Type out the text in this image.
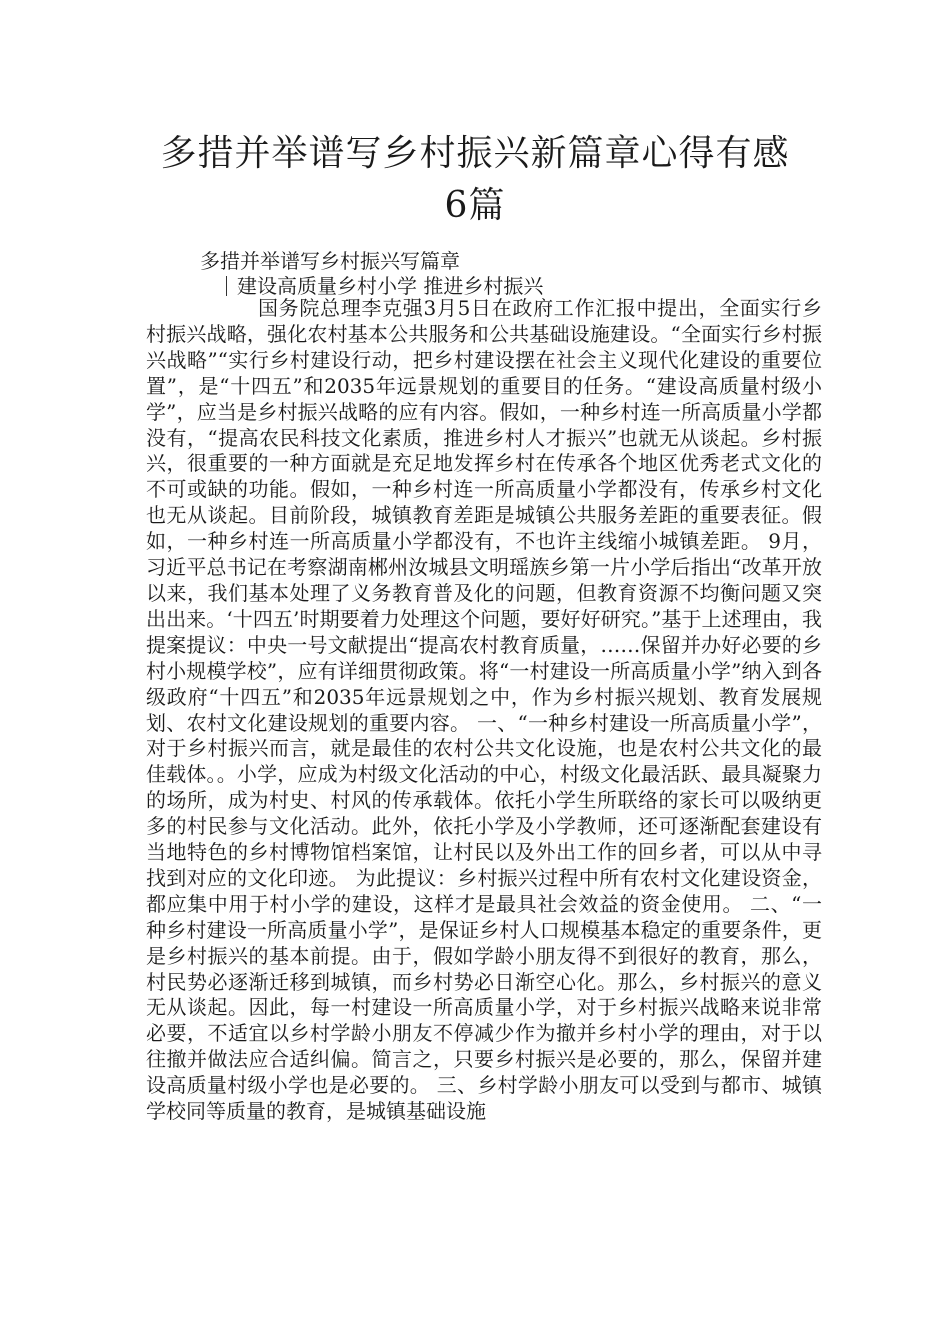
多措并举谱写乡村振兴新篇章心得有感6篇

多措并举谱写乡村振兴写篇章

建设高质量乡村小学 推进乡村振兴

国务院总理李克强3月5日在政府工作汇报中提出，全面实行乡村振兴战略，强化农村基本公共服务和公共基础设施建设。“全面实行乡村振兴战略”“实行乡村建设行动，把乡村建设摆在社会主义现代化建设的重要位置”，是“十四五”和2035年远景规划的重要目的任务。“建设高质量村级小学”，应当是乡村振兴战略的应有内容。假如，一种乡村连一所高质量小学都没有，“提高农民科技文化素质，推进乡村人才振兴”也就无从谈起。乡村振兴，很重要的一种方面就是充足地发挥乡村在传承各个地区优秀老式文化的不可或缺的功能。假如，一种乡村连一所高质量小学都没有，传承乡村文化也无从谈起。目前阶段，城镇教育差距是城镇公共服务差距的重要表征。假如，一种乡村连一所高质量小学都没有，不也许主线缩小城镇差距。 9月，习近平总书记在考察湖南郴州汝城县文明瑶族乡第一片小学后指出“改革开放以来，我们基本处理了义务教育普及化的问题，但教育资源不均衡问题又突出出来。‘十四五’时期要着力处理这个问题，要好好研究。”基于上述理由，我提案提议：中央一号文献提出“提高农村教育质量，……保留并办好必要的乡村小规模学校”，应有详细贯彻政策。将“一村建设一所高质量小学”纳入到各级政府“十四五”和2035年远景规划之中，作为乡村振兴规划、教育发展规划、农村文化建设规划的重要内容。 一、“一种乡村建设一所高质量小学”，对于乡村振兴而言，就是最佳的农村公共文化设施，也是农村公共文化的最佳载体。。小学，应成为村级文化活动的中心，村级文化最活跃、最具凝聚力的场所，成为村史、村风的传承载体。依托小学生所联络的家长可以吸纳更多的村民参与文化活动。此外，依托小学及小学教师，还可逐渐配套建设有当地特色的乡村博物馆档案馆，让村民以及外出工作的回乡者，可以从中寻找到对应的文化印迹。 为此提议：乡村振兴过程中所有农村文化建设资金，都应集中用于村小学的建设，这样才是最具社会效益的资金使用。 二、“一种乡村建设一所高质量小学”，是保证乡村人口规模基本稳定的重要条件，更是乡村振兴的基本前提。由于，假如学龄小朋友得不到很好的教育，那么，村民势必逐渐迁移到城镇，而乡村势必日渐空心化。那么，乡村振兴的意义无从谈起。因此，每一村建设一所高质量小学，对于乡村振兴战略来说非常必要，不适宜以乡村学龄小朋友不停减少作为撤并乡村小学的理由，对于以往撤并做法应合适纠偏。简言之，只要乡村振兴是必要的，那么，保留并建设高质量村级小学也是必要的。 三、乡村学龄小朋友可以受到与都市、城镇学校同等质量的教育，是城镇基础设施
